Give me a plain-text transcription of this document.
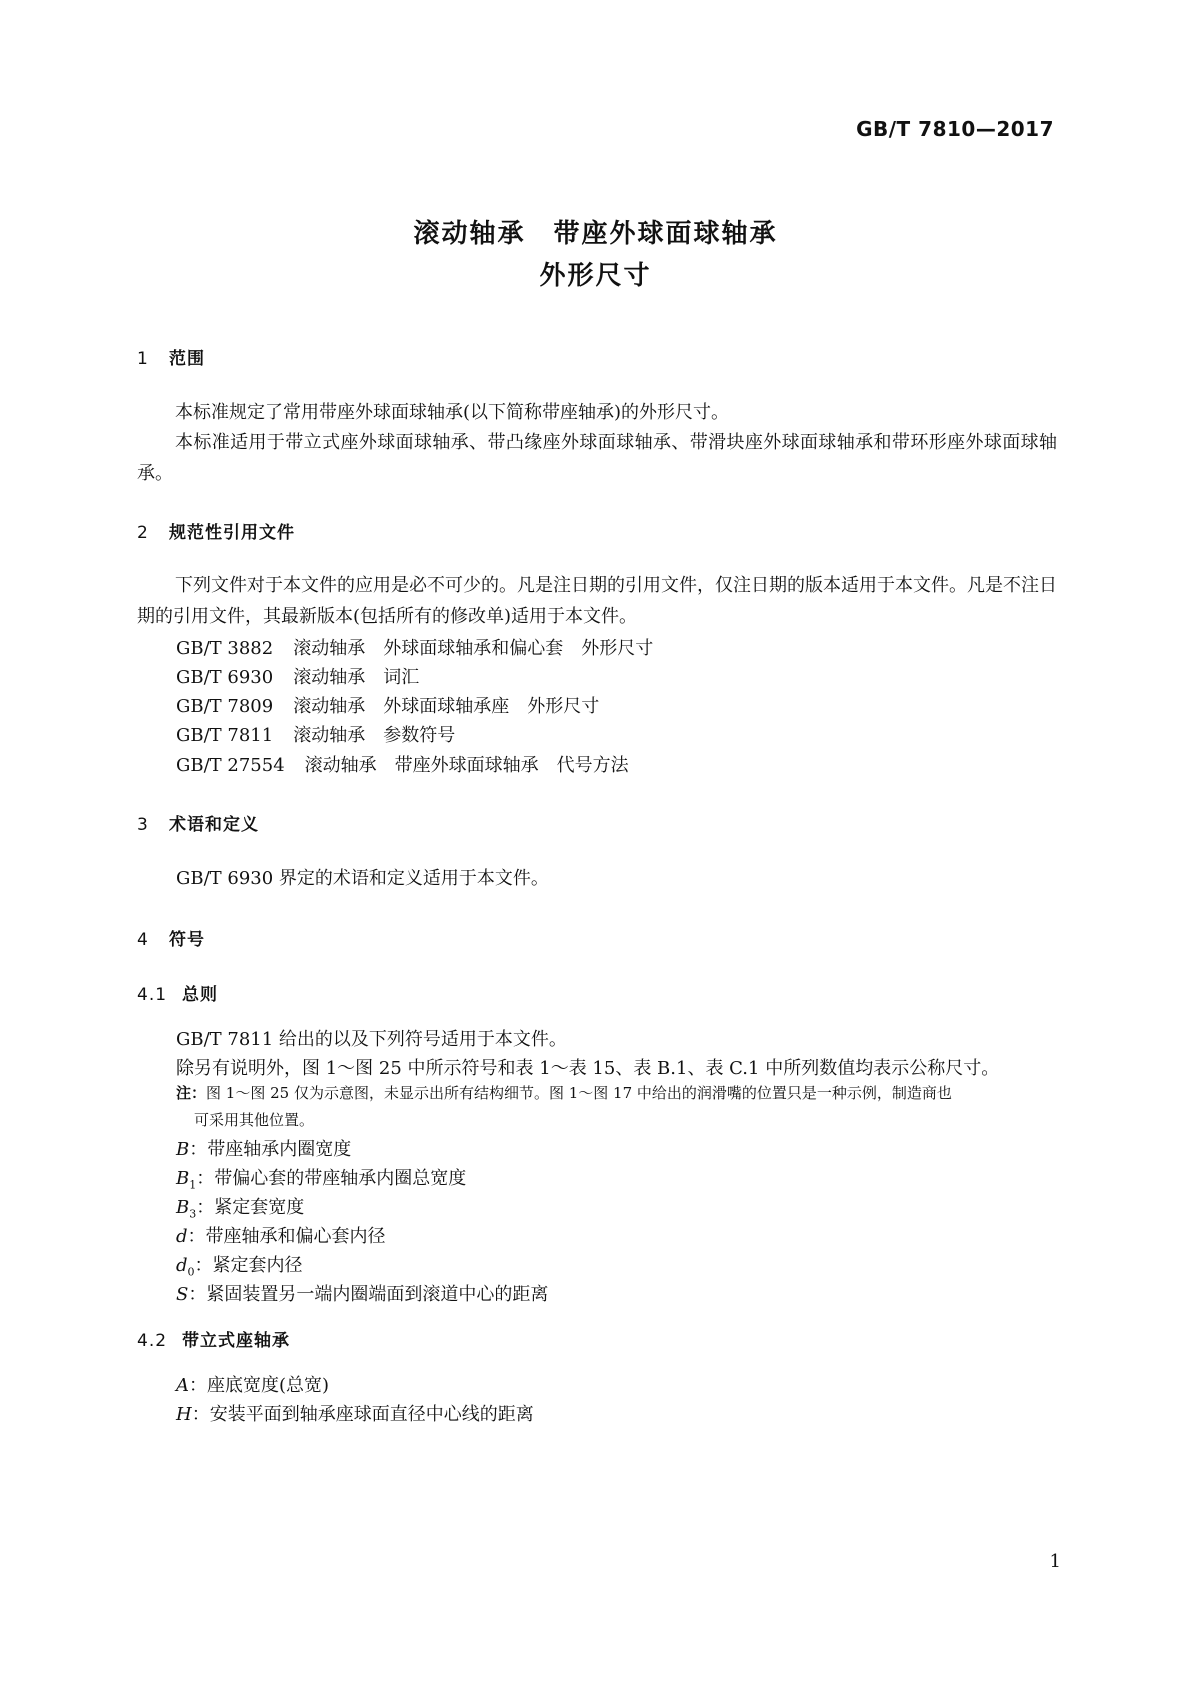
GB/T 7810—2017
滚动轴承 带座外球面球轴承
外形尺寸
1 范围
本标准规定了常用带座外球面球轴承(以下简称带座轴承)的外形尺寸。
本标准适用于带立式座外球面球轴承、带凸缘座外球面球轴承、带滑块座外球面球轴承和带环形座外球面球轴承。
2 规范性引用文件
下列文件对于本文件的应用是必不可少的。凡是注日期的引用文件，仅注日期的版本适用于本文件。凡是不注日期的引用文件，其最新版本(包括所有的修改单)适用于本文件。
GB/T 3882 滚动轴承　外球面球轴承和偏心套　外形尺寸
GB/T 6930 滚动轴承　词汇
GB/T 7809 滚动轴承　外球面球轴承座　外形尺寸
GB/T 7811 滚动轴承　参数符号
GB/T 27554 滚动轴承　带座外球面球轴承　代号方法
3 术语和定义
GB/T 6930 界定的术语和定义适用于本文件。
4 符号
4.1 总则
GB/T 7811 给出的以及下列符号适用于本文件。
除另有说明外，图 1～图 25 中所示符号和表 1～表 15、表 B.1、表 C.1 中所列数值均表示公称尺寸。
注：图 1～图 25 仅为示意图，未显示出所有结构细节。图 1～图 17 中给出的润滑嘴的位置只是一种示例，制造商也
可采用其他位置。
B：带座轴承内圈宽度
$B_1$：带偏心套的带座轴承内圈总宽度
$B_3$：紧定套宽度
d：带座轴承和偏心套内径
$d_0$：紧定套内径
S：紧固装置另一端内圈端面到滚道中心的距离
4.2 带立式座轴承
A：座底宽度(总宽)
H：安装平面到轴承座球面直径中心线的距离
1
